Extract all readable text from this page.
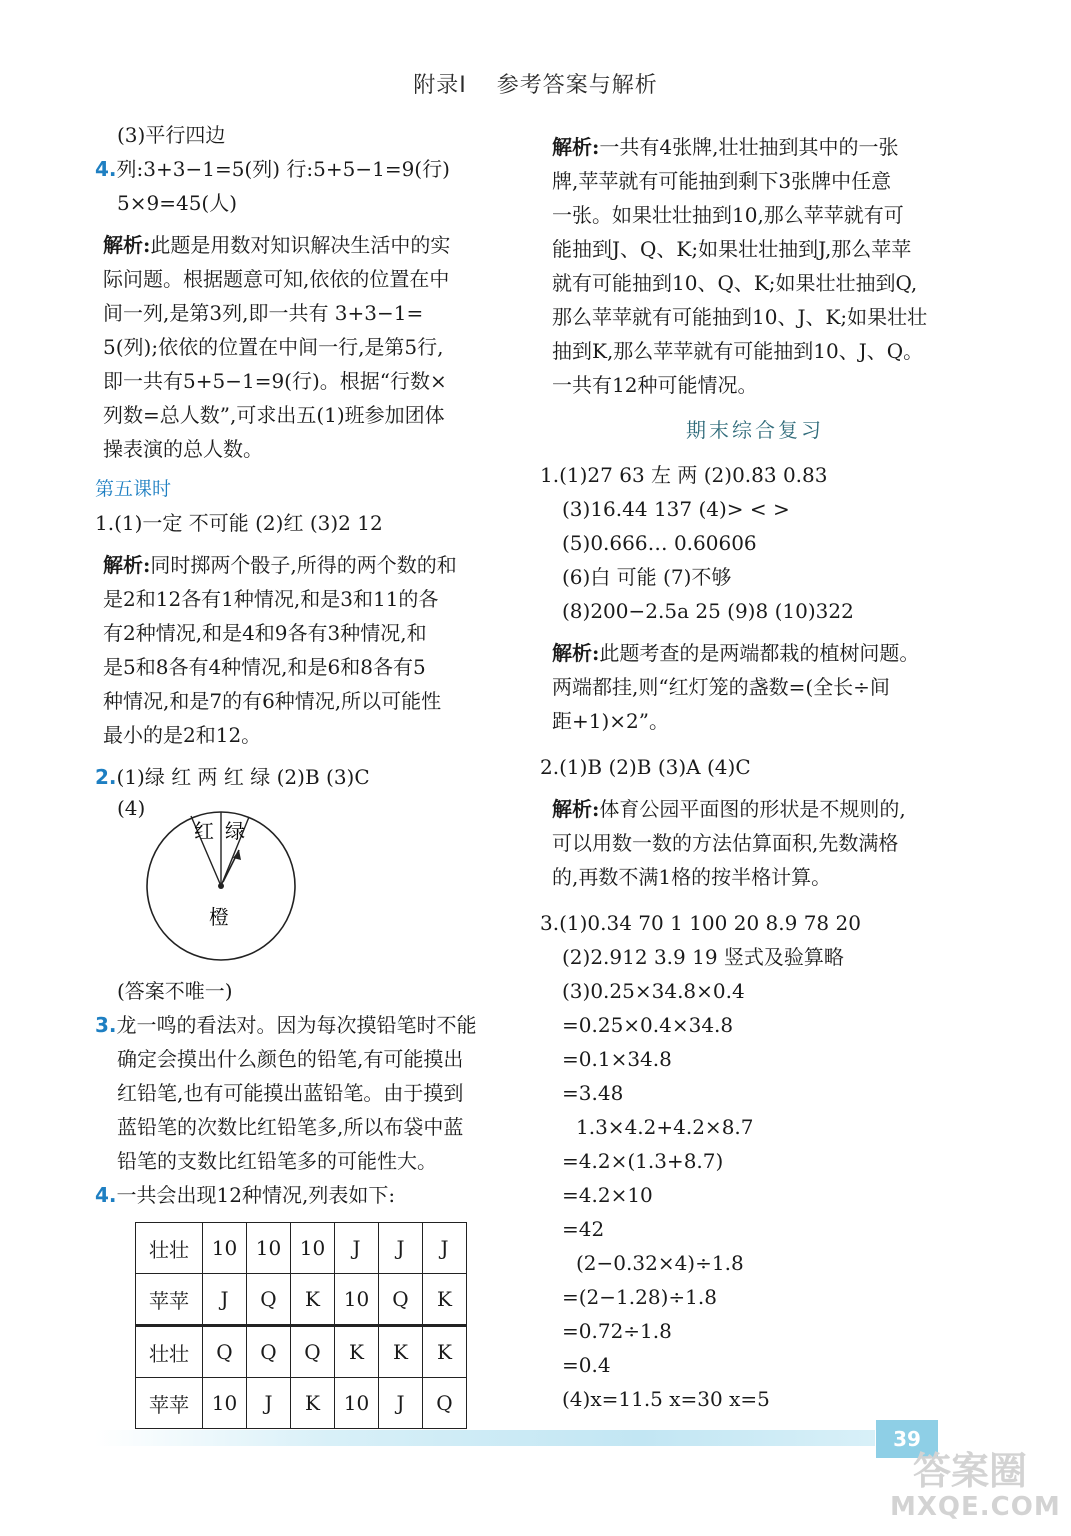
附录Ⅰ 参考答案与解析
(3)平行四边
4.列:3+3−1=5(列) 行:5+5−1=9(行)
5×9=45(人)
解析:此题是用数对知识解决生活中的实
际问题。根据题意可知,依依的位置在中
间一列,是第3列,即一共有 3+3−1=
5(列);依依的位置在中间一行,是第5行,
即一共有5+5−1=9(行)。根据“行数×
列数=总人数”,可求出五(1)班参加团体
操表演的总人数。
第五课时
1.(1)一定 不可能 (2)红 (3)2 12
解析:同时掷两个骰子,所得的两个数的和
是2和12各有1种情况,和是3和11的各
有2种情况,和是4和9各有3种情况,和
是5和8各有4种情况,和是6和8各有5
种情况,和是7的有6种情况,所以可能性
最小的是2和12。
2.(1)绿 红 两 红 绿 (2)B (3)C
(4)
红 绿
橙
(答案不唯一)
3.龙一鸣的看法对。因为每次摸铅笔时不能
确定会摸出什么颜色的铅笔,有可能摸出
红铅笔,也有可能摸出蓝铅笔。由于摸到
蓝铅笔的次数比红铅笔多,所以布袋中蓝
铅笔的支数比红铅笔多的可能性大。
4.一共会出现12种情况,列表如下:
壮壮	10	10	10	J	J	J
苹苹	J	Q	K	10	Q	K
壮壮	Q	Q	Q	K	K	K
苹苹	10	J	K	10	J	Q
解析:一共有4张牌,壮壮抽到其中的一张
牌,苹苹就有可能抽到剩下3张牌中任意
一张。如果壮壮抽到10,那么苹苹就有可
能抽到J、Q、K;如果壮壮抽到J,那么苹苹
就有可能抽到10、Q、K;如果壮壮抽到Q,
那么苹苹就有可能抽到10、J、K;如果壮壮
抽到K,那么苹苹就有可能抽到10、J、Q。
一共有12种可能情况。
期末综合复习
1.(1)27 63 左 两 (2)0.8̇3̇ 0.83
(3)16.44 137 (4)> < >
(5)0.666… 0.60606
(6)白 可能 (7)不够
(8)200−2.5a 25 (9)8 (10)322
解析:此题考查的是两端都栽的植树问题。
两端都挂,则“红灯笼的盏数=(全长÷间
距+1)×2”。
2.(1)B (2)B (3)A (4)C
解析:体育公园平面图的形状是不规则的,
可以用数一数的方法估算面积,先数满格
的,再数不满1格的按半格计算。
3.(1)0.34 70 1 100 20 8.9 78 20
(2)2.912 3.9 19 竖式及验算略
(3)0.25×34.8×0.4
=0.25×0.4×34.8
=0.1×34.8
=3.48
1.3×4.2+4.2×8.7
=4.2×(1.3+8.7)
=4.2×10
=42
(2−0.32×4)÷1.8
=(2−1.28)÷1.8
=0.72÷1.8
=0.4
(4)x=11.5 x=30 x=5
39
答案圈
MXQE.COM
